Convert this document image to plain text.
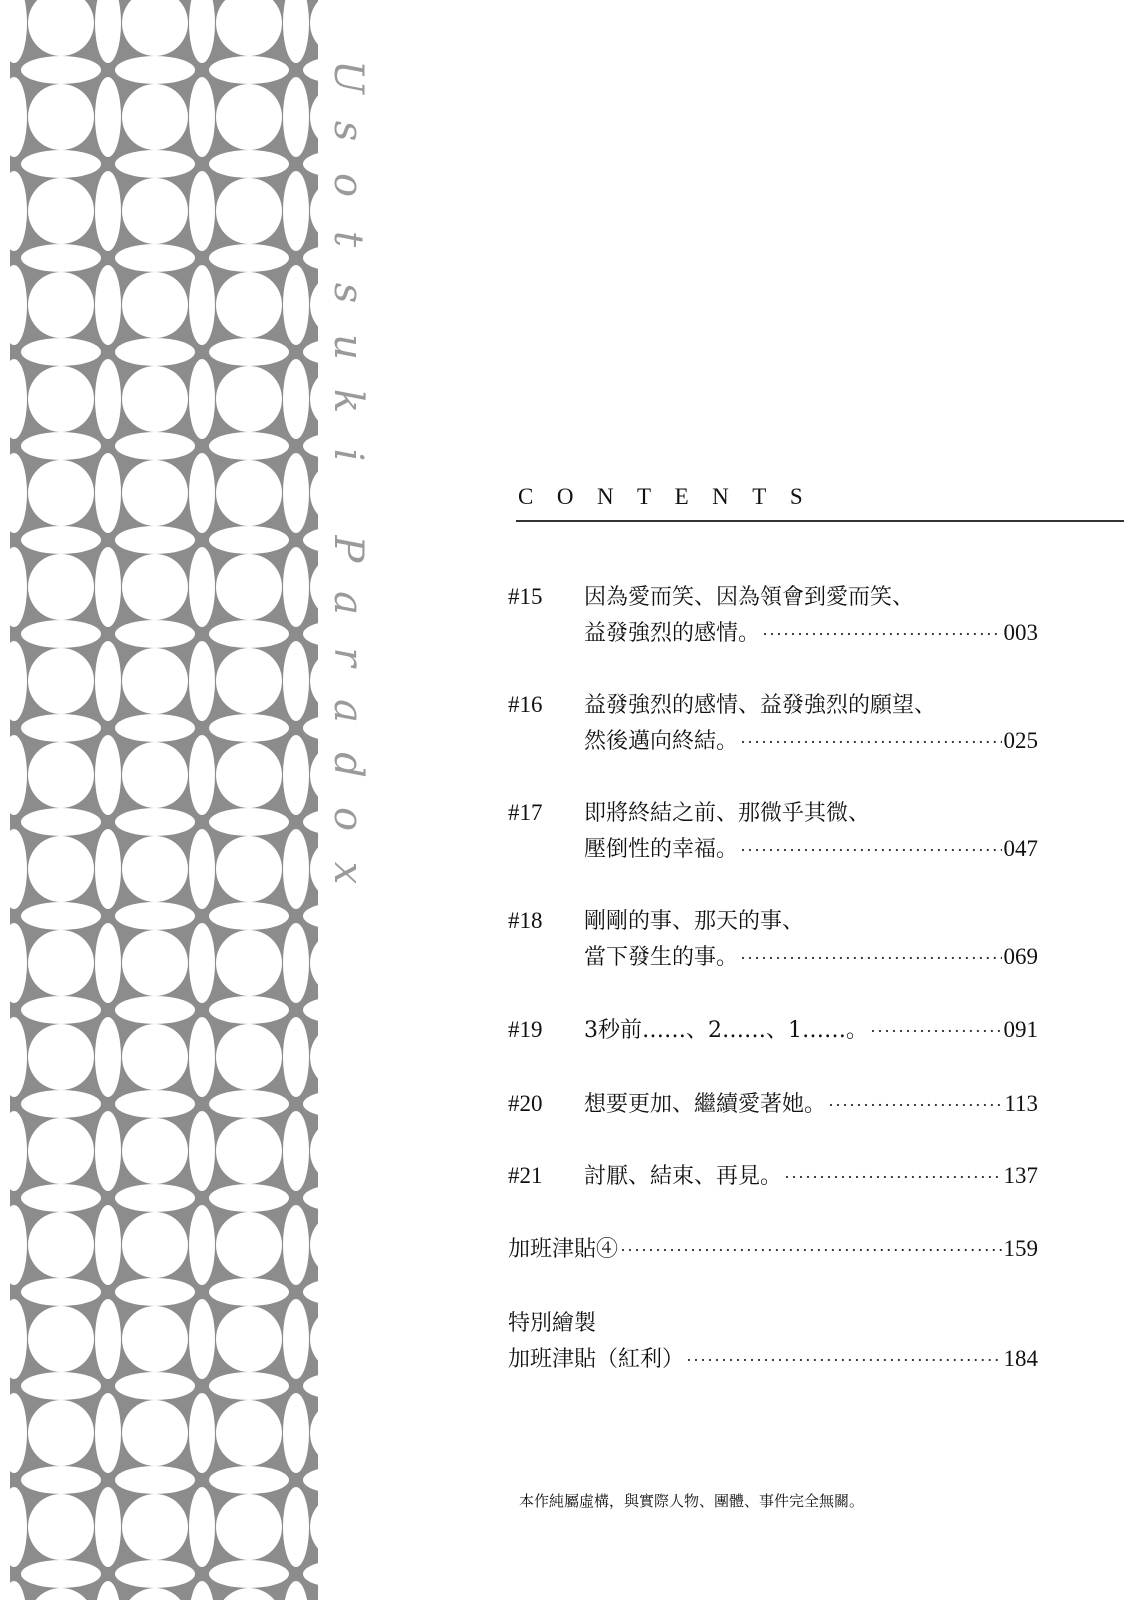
U
s
o
t
s
u
k
i
P
a
r
a
d
o
x
CONTENTS
#15	因為愛而笑、因為領會到愛而笑、
益發強烈的感情。 ·····	003
#16	益發強烈的感情、益發強烈的願望、
然後邁向終結。 ·····	025
#17	即將終結之前、那微乎其微、
壓倒性的幸福。 ·····	047
#18	剛剛的事、那天的事、
當下發生的事。 ·····	069
#19	3秒前……、2……、1……。 ·····	091
#20	想要更加、繼續愛著她。 ·····	113
#21	討厭、結束、再見。 ·····	137
加班津貼④ ·····	159
特別繪製
加班津貼（紅利） ·····	184
本作純屬虛構，與實際人物、團體、事件完全無關。
